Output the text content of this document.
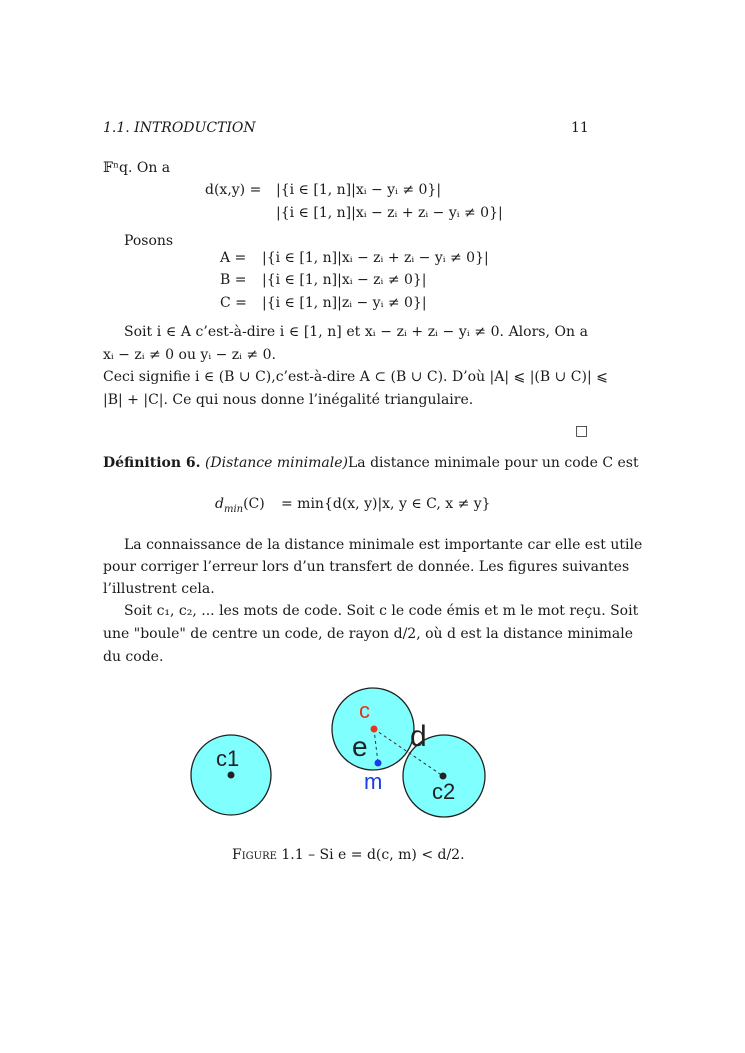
1.1. INTRODUCTION	11
𝔽ⁿq. On a
d(x,y) = |{i ∈ [1, n]|xᵢ − yᵢ ≠ 0}|
|{i ∈ [1, n]|xᵢ − zᵢ + zᵢ − yᵢ ≠ 0}|
Posons
A = |{i ∈ [1, n]|xᵢ − zᵢ + zᵢ − yᵢ ≠ 0}|
B = |{i ∈ [1, n]|xᵢ − zᵢ ≠ 0}|
C = |{i ∈ [1, n]|zᵢ − yᵢ ≠ 0}|
Soit i ∈ A c’est-à-dire i ∈ [1, n] et xᵢ − zᵢ + zᵢ − yᵢ ≠ 0. Alors, On a
xᵢ − zᵢ ≠ 0 ou yᵢ − zᵢ ≠ 0.
Ceci signifie i ∈ (B ∪ C),c’est-à-dire A ⊂ (B ∪ C). D’où |A| ⩽ |(B ∪ C)| ⩽
|B| + |C|. Ce qui nous donne l’inégalité triangulaire.
□
Définition 6. (Distance minimale)La distance minimale pour un code C est
$d_{min}(C) = \min\{d(x$, y)|x, y ∈ C, x ≠ y}
La connaissance de la distance minimale est importante car elle est utile
pour corriger l’erreur lors d’un transfert de donnée. Les figures suivantes
l’illustrent cela.
Soit c₁, c₂, ... les mots de code. Soit c le code émis et m le mot reçu. Soit
une "boule" de centre un code, de rayon d/2, où d est la distance minimale
du code.
c1
c2
c
e
m
d
Figure 1.1 – Si e = d(c, m) < d/2.
